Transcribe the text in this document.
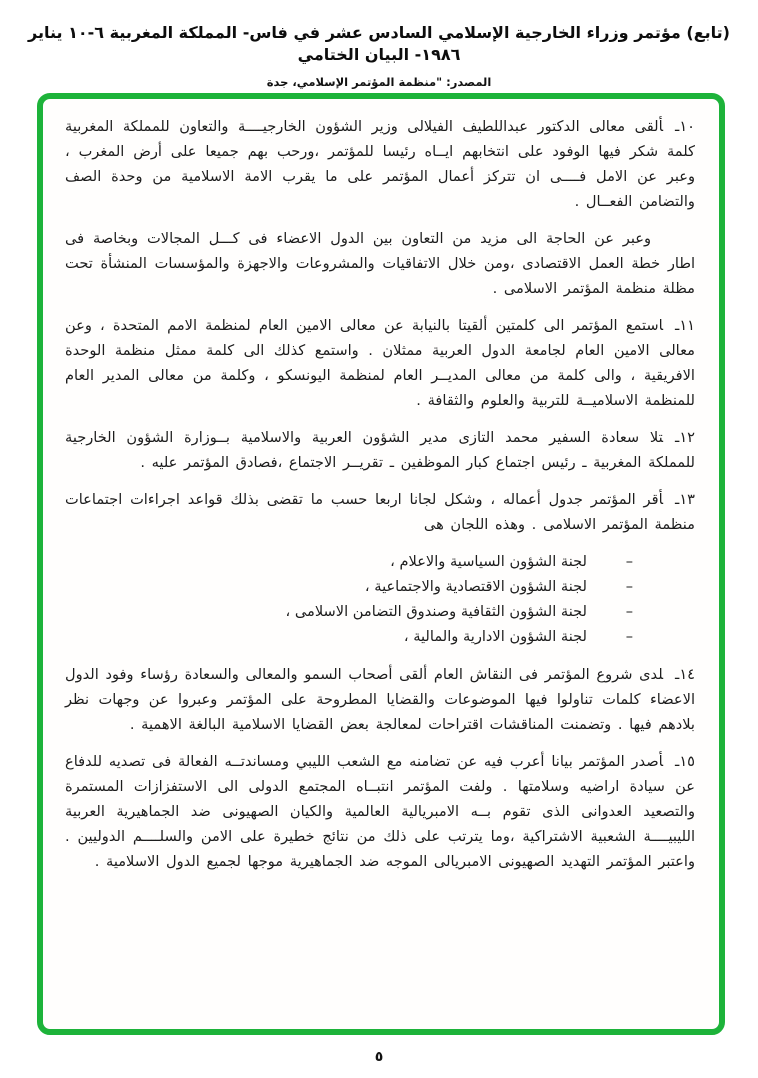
(تابع) مؤتمر وزراء الخارجية الإسلامي السادس عشر في فاس- المملكة المغربية ٦-١٠ يناير ١٩٨٦- البيان الختامي
المصدر: "منظمة المؤتمر الإسلامي، جدة

١٠ـألقى معالى الدكتور عبداللطيف الفيلالى وزير الشؤون الخارجيــــة والتعاون للمملكة المغربية كلمة شكر فيها الوفود على انتخابهم ايــاه رئيسا للمؤتمر ،ورحب بهم جميعا على أرض المغرب ، وعبر عن الامل فــــى ان تتركز أعمال المؤتمر على ما يقرب الامة الاسلامية من وحدة الصف والتضامن الفعــال .

وعبر عن الحاجة الى مزيد من التعاون بين الدول الاعضاء فى كـــل المجالات وبخاصة فى اطار خطة العمل الاقتصادى ،ومن خلال الاتفاقيات والمشروعات والاجهزة والمؤسسات المنشأة تحت مظلة منظمة المؤتمر الاسلامى .

١١ـاستمع المؤتمر الى كلمتين ألقيتا بالنيابة عن معالى الامين العام لمنظمة الامم المتحدة ، وعن معالى الامين العام لجامعة الدول العربية ممثلان . واستمع كذلك الى كلمة ممثل منظمة الوحدة الافريقية ، والى كلمة من معالى المديــر العام لمنظمة اليونسكو ، وكلمة من معالى المدير العام للمنظمة الاسلاميــة للتربية والعلوم والثقافة .

١٢ـتلا سعادة السفير محمد التازى مدير الشؤون العربية والاسلامية بــوزارة الشؤون الخارجية للمملكة المغربية ـ رئيس اجتماع كبار الموظفين ـ تقريــر الاجتماع ،فصادق المؤتمر عليه .

١٣ـأقر المؤتمر جدول أعماله ، وشكل لجانا اربعا حسب ما تقضى بذلك قواعد اجراءات اجتماعات منظمة المؤتمر الاسلامى . وهذه اللجان هى

–
لجنة الشؤون السياسية والاعلام ،
–
لجنة الشؤون الاقتصادية والاجتماعية ،
–
لجنة الشؤون الثقافية وصندوق التضامن الاسلامى ،
–
لجنة الشؤون الادارية والمالية ،

١٤ـلدى شروع المؤتمر فى النقاش العام ألقى أصحاب السمو والمعالى والسعادة رؤساء وفود الدول الاعضاء كلمات تناولوا فيها الموضوعات والقضايا المطروحة على المؤتمر وعبروا عن وجهات نظر بلادهم فيها . وتضمنت المناقشات اقتراحات لمعالجة بعض القضايا الاسلامية البالغة الاهمية .

١٥ـأصدر المؤتمر بيانا أعرب فيه عن تضامنه مع الشعب الليبي ومساندتــه الفعالة فى تصديه للدفاع عن سيادة اراضيه وسلامتها . ولفت المؤتمر انتبــاه المجتمع الدولى الى الاستفزازات المستمرة والتصعيد العدوانى الذى تقوم بــه الامبريالية العالمية والكيان الصهيونى ضد الجماهيرية العربية الليبيــــة الشعبية الاشتراكية ،وما يترتب على ذلك من نتائج خطيرة على الامن والسلــــم الدوليين . واعتبر المؤتمر التهديد الصهيونى الامبريالى الموجه ضد الجماهيرية موجها لجميع الدول الاسلامية .

٥
